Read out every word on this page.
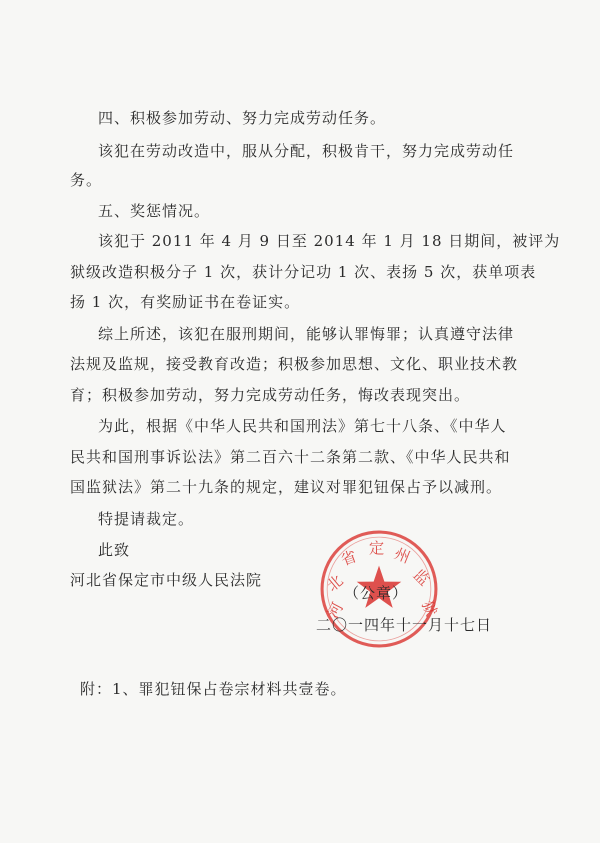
四、积极参加劳动、努力完成劳动任务。
该犯在劳动改造中，服从分配，积极肯干，努力完成劳动任
务。
五、奖惩情况。
该犯于 2011 年 4 月 9 日至 2014 年 1 月 18 日期间，被评为
狱级改造积极分子 1 次，获计分记功 1 次、表扬 5 次，获单项表
扬 1 次，有奖励证书在卷证实。
综上所述，该犯在服刑期间，能够认罪悔罪；认真遵守法律
法规及监规，接受教育改造；积极参加思想、文化、职业技术教
育；积极参加劳动，努力完成劳动任务，悔改表现突出。
为此，根据《中华人民共和国刑法》第七十八条、《中华人
民共和国刑事诉讼法》第二百六十二条第二款、《中华人民共和
国监狱法》第二十九条的规定，建议对罪犯钮保占予以减刑。
特提请裁定。
此致
河北省保定市中级人民法院
河
北
省 定 州
监
狱
（公章）
二〇一四年十一月十七日
附：1、罪犯钮保占卷宗材料共壹卷。
